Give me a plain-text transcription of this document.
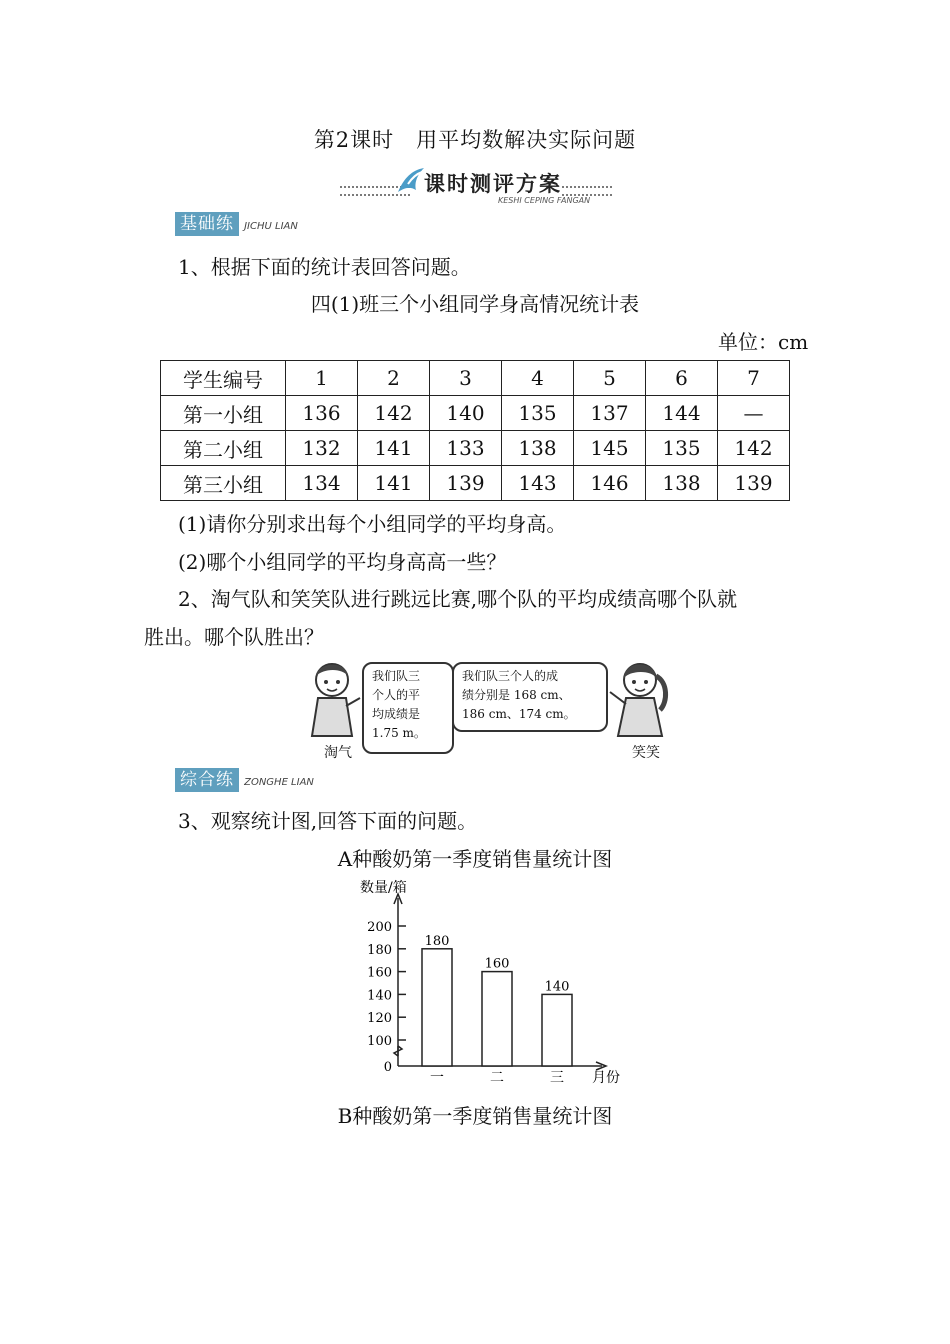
第2课时　用平均数解决实际问题
课时测评方案
KESHI CEPING FANGAN
基础练 JICHU LIAN
1、根据下面的统计表回答问题。
四(1)班三个小组同学身高情况统计表
单位：cm
学生编号	1	2	3	4	5	6	7
第一小组	136	142	140	135	137	144	—
第二小组	132	141	133	138	145	135	142
第三小组	134	141	139	143	146	138	139
(1)请你分别求出每个小组同学的平均身高。
(2)哪个小组同学的平均身高高一些？
2、淘气队和笑笑队进行跳远比赛,哪个队的平均成绩高哪个队就
胜出。哪个队胜出？
淘气
我们队三
个人的平
均成绩是
1.75 m。
我们队三个人的成
绩分别是 168 cm、
186 cm、174 cm。
笑笑
综合练 ZONGHE LIAN
3、观察统计图,回答下面的问题。
A种酸奶第一季度销售量统计图
数量/箱
月份
0
100
120
140
160
180
200
180
一
160
二
140
三
B种酸奶第一季度销售量统计图
